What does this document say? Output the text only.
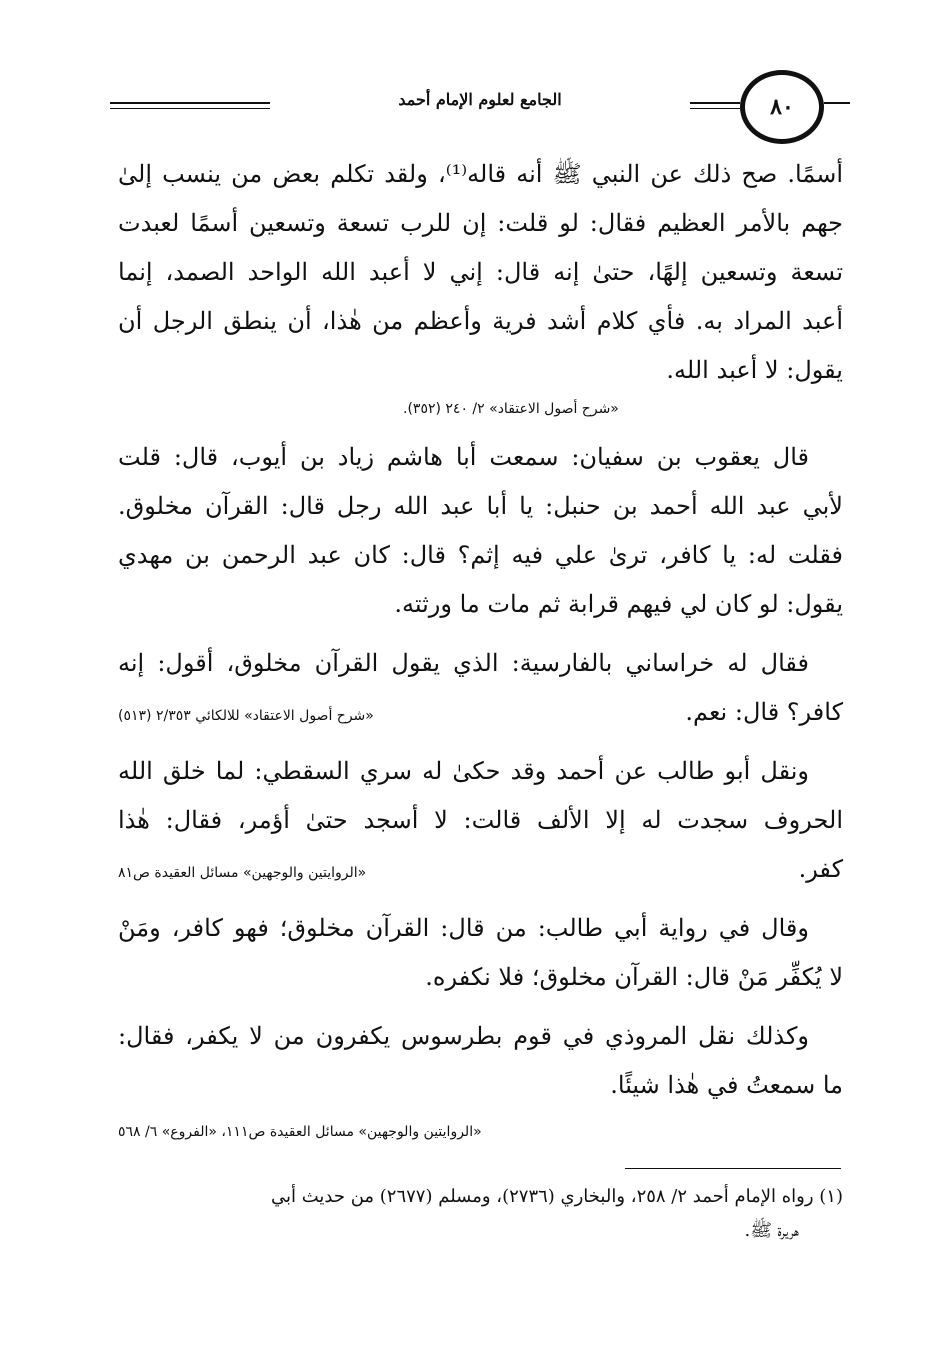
الجامع لعلوم الإمام أحمد	٨٠
أسمًا. صح ذلك عن النبي ﷺ أنه قاله⁽¹⁾، ولقد تكلم بعض من ينسب إلىٰ
جهم بالأمر العظيم فقال: لو قلت: إن للرب تسعة وتسعين أسمًا لعبدت
تسعة وتسعين إلهًا، حتىٰ إنه قال: إني لا أعبد الله الواحد الصمد، إنما
أعبد المراد به. فأي كلام أشد فرية وأعظم من هٰذا، أن ينطق الرجل أن
يقول: لا أعبد الله.
«شرح أصول الاعتقاد» ٢/ ٢٤٠ (٣٥٢).
قال يعقوب بن سفيان: سمعت أبا هاشم زياد بن أيوب، قال: قلت
لأبي عبد الله أحمد بن حنبل: يا أبا عبد الله رجل قال: القرآن مخلوق.
فقلت له: يا كافر، ترىٰ علي فيه إثم؟ قال: كان عبد الرحمن بن مهدي
يقول: لو كان لي فيهم قرابة ثم مات ما ورثته.
فقال له خراساني بالفارسية: الذي يقول القرآن مخلوق، أقول: إنه
كافر؟ قال: نعم.
«شرح أصول الاعتقاد» للالكائي ٢/٣٥٣ (٥١٣)
ونقل أبو طالب عن أحمد وقد حكىٰ له سري السقطي: لما خلق الله
الحروف سجدت له إلا الألف قالت: لا أسجد حتىٰ أؤمر، فقال: هٰذا
كفر.
«الروايتين والوجهين» مسائل العقيدة ص٨١
وقال في رواية أبي طالب: من قال: القرآن مخلوق؛ فهو كافر، ومَنْ
لا يُكفِّر مَنْ قال: القرآن مخلوق؛ فلا نكفره.
وكذلك نقل المروذي في قوم بطرسوس يكفرون من لا يكفر، فقال:
ما سمعتُ في هٰذا شيئًا.
«الروايتين والوجهين» مسائل العقيدة ص١١١، «الفروع» ٦/ ٥٦٨
(١) رواه الإمام أحمد ٢/ ٢٥٨، والبخاري (٢٧٣٦)، ومسلم (٢٦٧٧) من حديث أبي
هريرة ﷺ.
